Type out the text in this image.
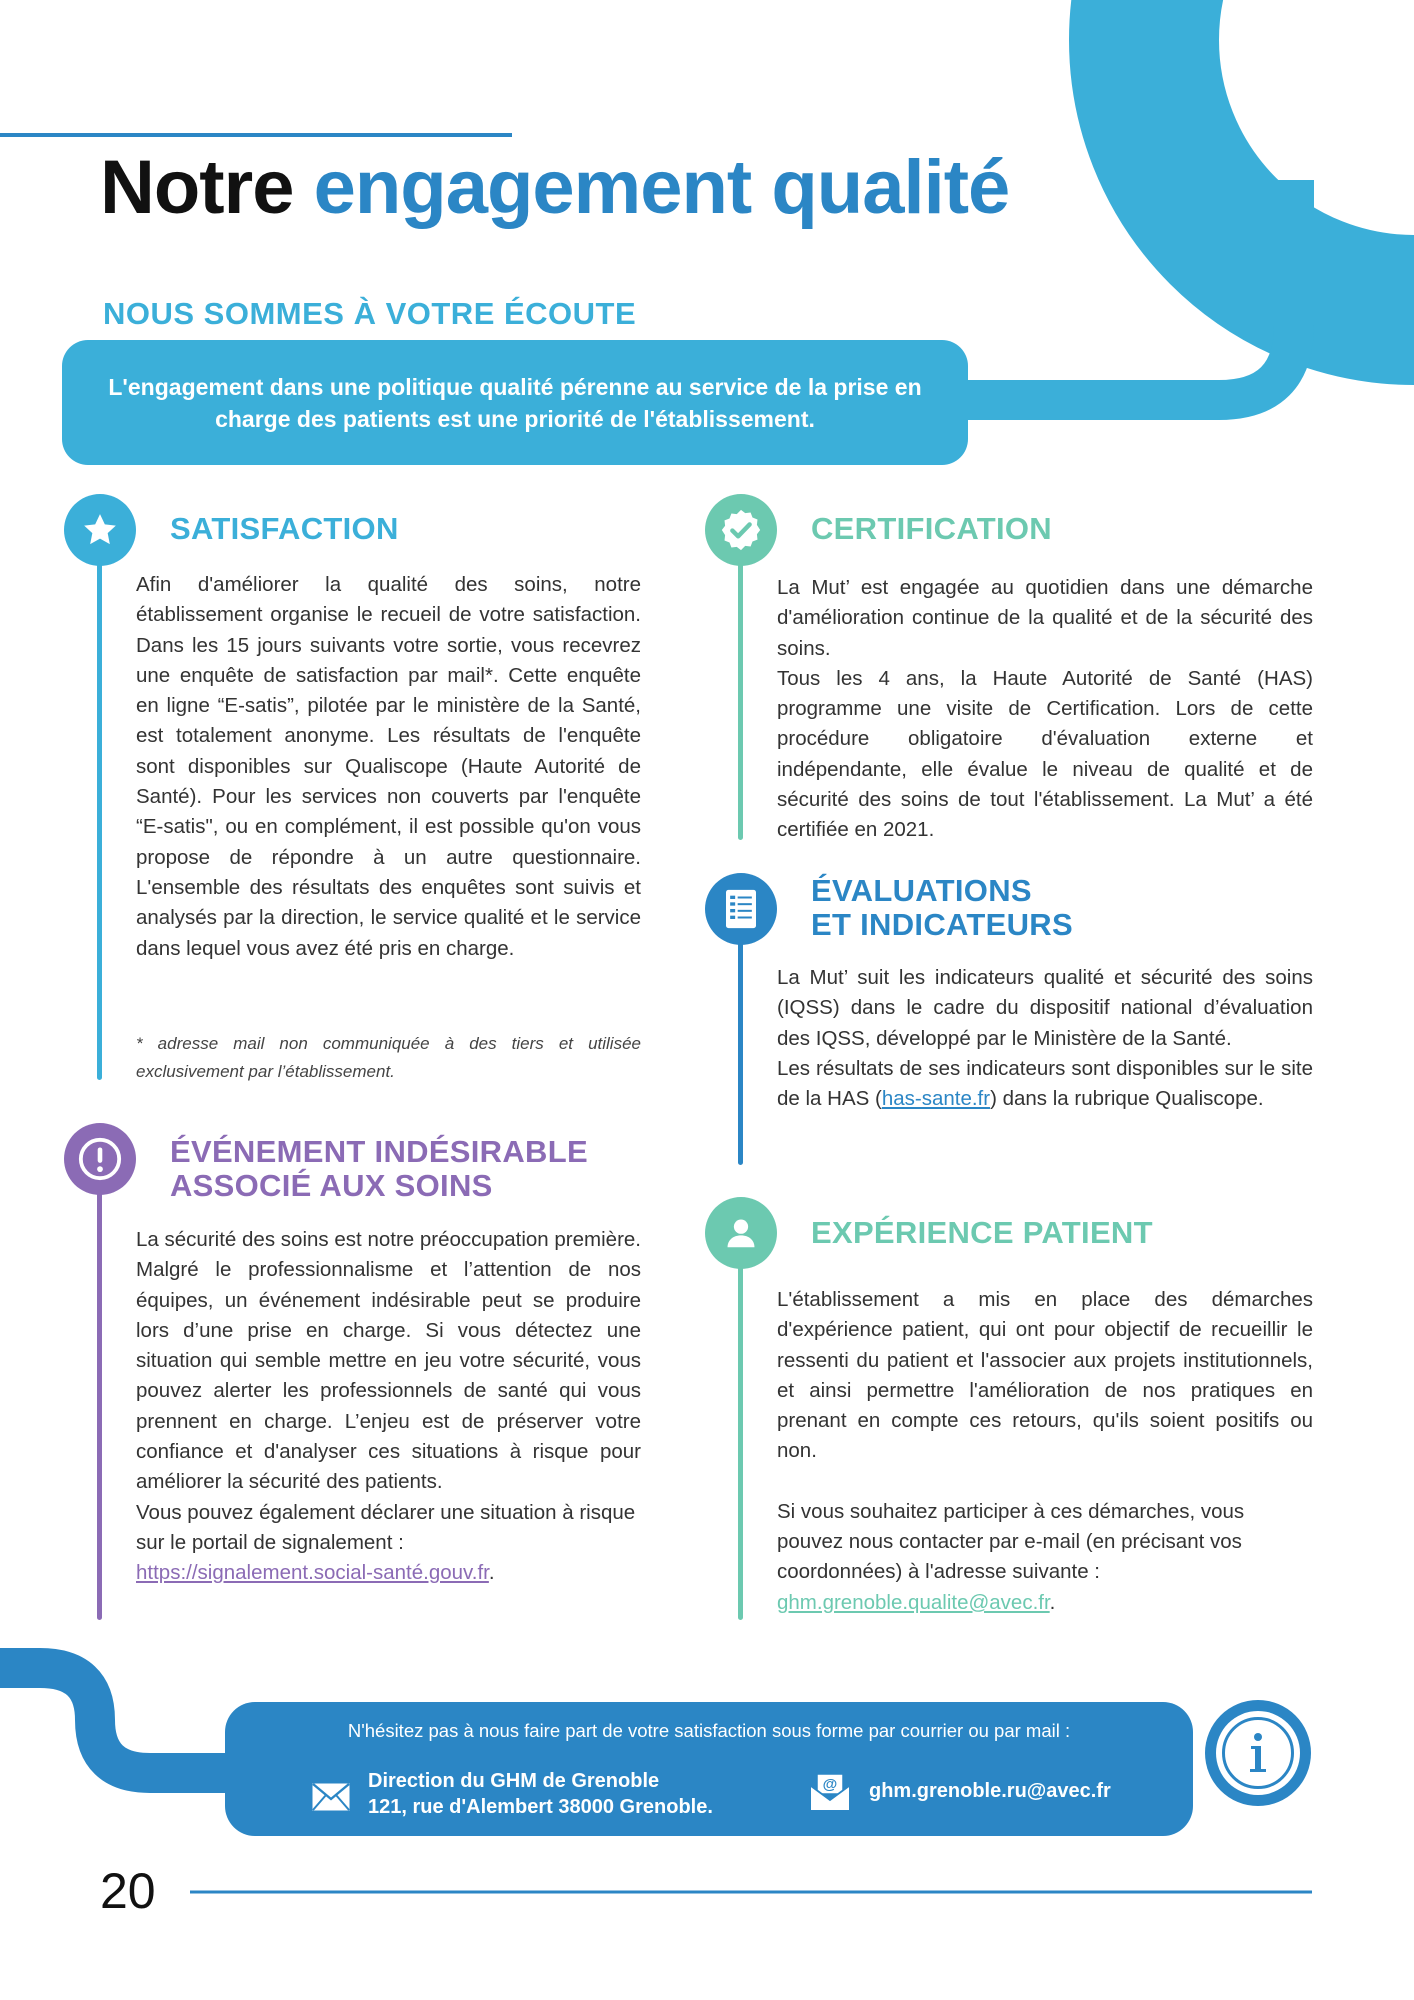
Notre engagement qualité
NOUS SOMMES À VOTRE ÉCOUTE
L'engagement dans une politique qualité pérenne au service de la prise en charge des patients est une priorité de l'établissement.
SATISFACTION

Afin d'améliorer la qualité des soins, notre établissement organise le recueil de votre satisfaction. Dans les 15 jours suivants votre sortie, vous recevrez une enquête de satisfaction par mail*. Cette enquête en ligne “E-satis”, pilotée par le ministère de la Santé, est totalement anonyme. Les résultats de l'enquête sont disponibles sur Qualiscope (Haute Autorité de Santé). Pour les services non couverts par l'enquête “E-satis", ou en complément, il est possible qu'on vous propose de répondre à un autre questionnaire. L'ensemble des résultats des enquêtes sont suivis et analysés par la direction, le service qualité et le service dans lequel vous avez été pris en charge.

* adresse mail non communiquée à des tiers et utilisée exclusivement par l’établissement.
ÉVÉNEMENT INDÉSIRABLE
ASSOCIÉ AUX SOINS

La sécurité des soins est notre préoccupation première. Malgré le professionnalisme et l’attention de nos équipes, un événement indésirable peut se produire lors d’une prise en charge. Si vous détectez une situation qui semble mettre en jeu votre sécurité, vous pouvez alerter les professionnels de santé qui vous prennent en charge. L’enjeu est de préserver votre confiance et d'analyser ces situations à risque pour améliorer la sécurité des patients.

Vous pouvez également déclarer une situation à risque sur le portail de signalement :
https://signalement.social-santé.gouv.fr.

CERTIFICATION

La Mut’ est engagée au quotidien dans une démarche d'amélioration continue de la qualité et de la sécurité des soins.

Tous les 4 ans, la Haute Autorité de Santé (HAS) programme une visite de Certification. Lors de cette procédure obligatoire d'évaluation externe et indépendante, elle évalue le niveau de qualité et de sécurité des soins de tout l'établissement. La Mut’ a été certifiée en 2021.

ÉVALUATIONS
ET INDICATEURS

La Mut’ suit les indicateurs qualité et sécurité des soins (IQSS) dans le cadre du dispositif national d’évaluation des IQSS, développé par le Ministère de la Santé.

Les résultats de ses indicateurs sont disponibles sur le site de la HAS (has-sante.fr) dans la rubrique Qualiscope.

EXPÉRIENCE PATIENT

L'établissement a mis en place des démarches d'expérience patient, qui ont pour objectif de recueillir le ressenti du patient et l'associer aux projets institutionnels, et ainsi permettre l'amélioration de nos pratiques en prenant en compte ces retours, qu'ils soient positifs ou non.

Si vous souhaitez participer à ces démarches, vous pouvez nous contacter par e-mail (en précisant vos coordonnées) à l'adresse suivante :
ghm.grenoble.qualite@avec.fr.

N'hésitez pas à nous faire part de votre satisfaction sous forme par courrier ou par mail :
Direction du GHM de Grenoble
121, rue d'Alembert 38000 Grenoble.
@ ghm.grenoble.ru@avec.fr
20
